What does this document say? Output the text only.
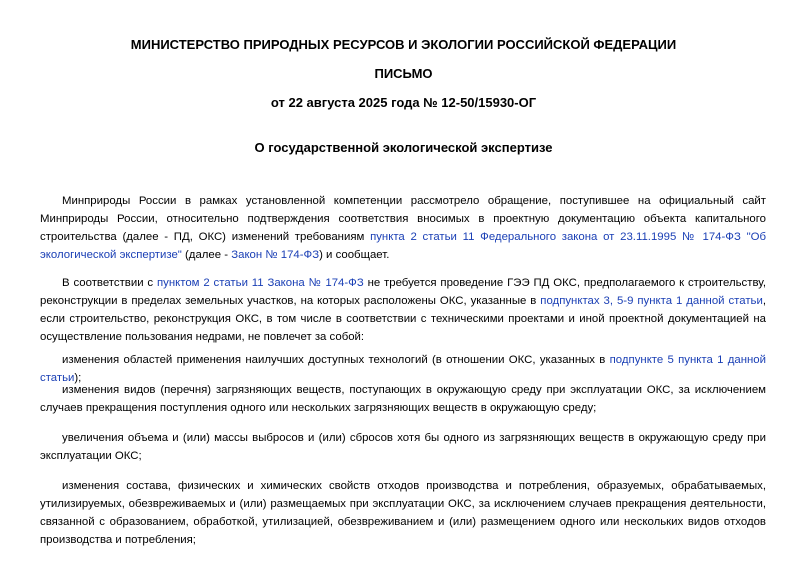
МИНИСТЕРСТВО ПРИРОДНЫХ РЕСУРСОВ И ЭКОЛОГИИ РОССИЙСКОЙ ФЕДЕРАЦИИ
ПИСЬМО
от 22 августа 2025 года № 12-50/15930-ОГ
О государственной экологической экспертизе

Минприроды России в рамках установленной компетенции рассмотрело обращение, поступившее на официальный сайт Минприроды России, относительно подтверждения соответствия вносимых в проектную документацию объекта капитального строительства (далее - ПД, ОКС) изменений требованиям пункта 2 статьи 11 Федерального закона от 23.11.1995 № 174-ФЗ "Об экологической экспертизе" (далее - Закон № 174-ФЗ) и сообщает.

В соответствии с пунктом 2 статьи 11 Закона № 174-ФЗ не требуется проведение ГЭЭ ПД ОКС, предполагаемого к строительству, реконструкции в пределах земельных участков, на которых расположены ОКС, указанные в подпунктах 3, 5-9 пункта 1 данной статьи, если строительство, реконструкция ОКС, в том числе в соответствии с техническими проектами и иной проектной документацией на осуществление пользования недрами, не повлечет за собой:

изменения областей применения наилучших доступных технологий (в отношении ОКС, указанных в подпункте 5 пункта 1 данной статьи);

изменения видов (перечня) загрязняющих веществ, поступающих в окружающую среду при эксплуатации ОКС, за исключением случаев прекращения поступления одного или нескольких загрязняющих веществ в окружающую среду;

увеличения объема и (или) массы выбросов и (или) сбросов хотя бы одного из загрязняющих веществ в окружающую среду при эксплуатации ОКС;

изменения состава, физических и химических свойств отходов производства и потребления, образуемых, обрабатываемых, утилизируемых, обезвреживаемых и (или) размещаемых при эксплуатации ОКС, за исключением случаев прекращения деятельности, связанной с образованием, обработкой, утилизацией, обезвреживанием и (или) размещением одного или нескольких видов отходов производства и потребления;
